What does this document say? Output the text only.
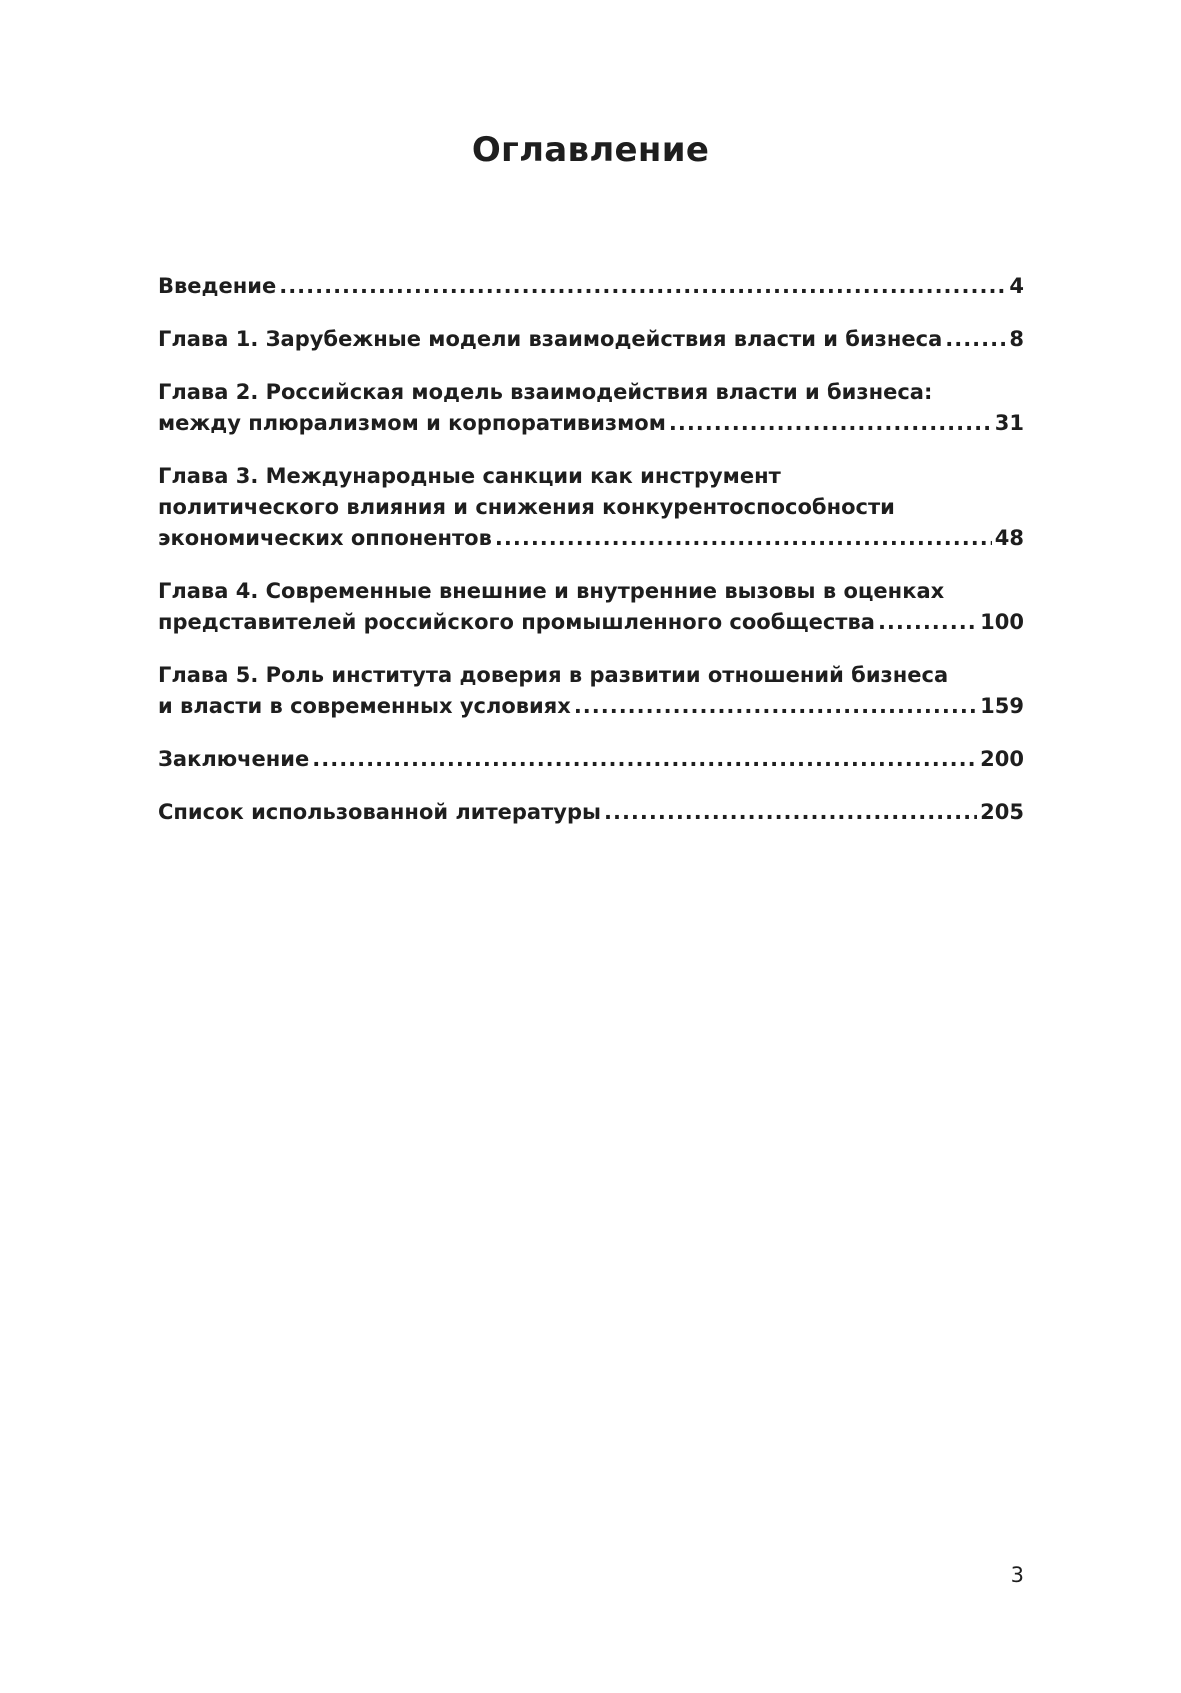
Оглавление
Введение .....	4
Глава 1. Зарубежные модели взаимодействия власти и бизнеса .....	8
Глава 2. Российская модель взаимодействия власти и бизнеса:
между плюрализмом и корпоративизмом .....	31
Глава 3. Международные санкции как инструмент
политического влияния и снижения конкурентоспособности
экономических оппонентов .....	48
Глава 4. Современные внешние и внутренние вызовы в оценках
представителей российского промышленного сообщества .....	100
Глава 5. Роль института доверия в развитии отношений бизнеса
и власти в современных условиях .....	159
Заключение .....	200
Список использованной литературы .....	205
3
